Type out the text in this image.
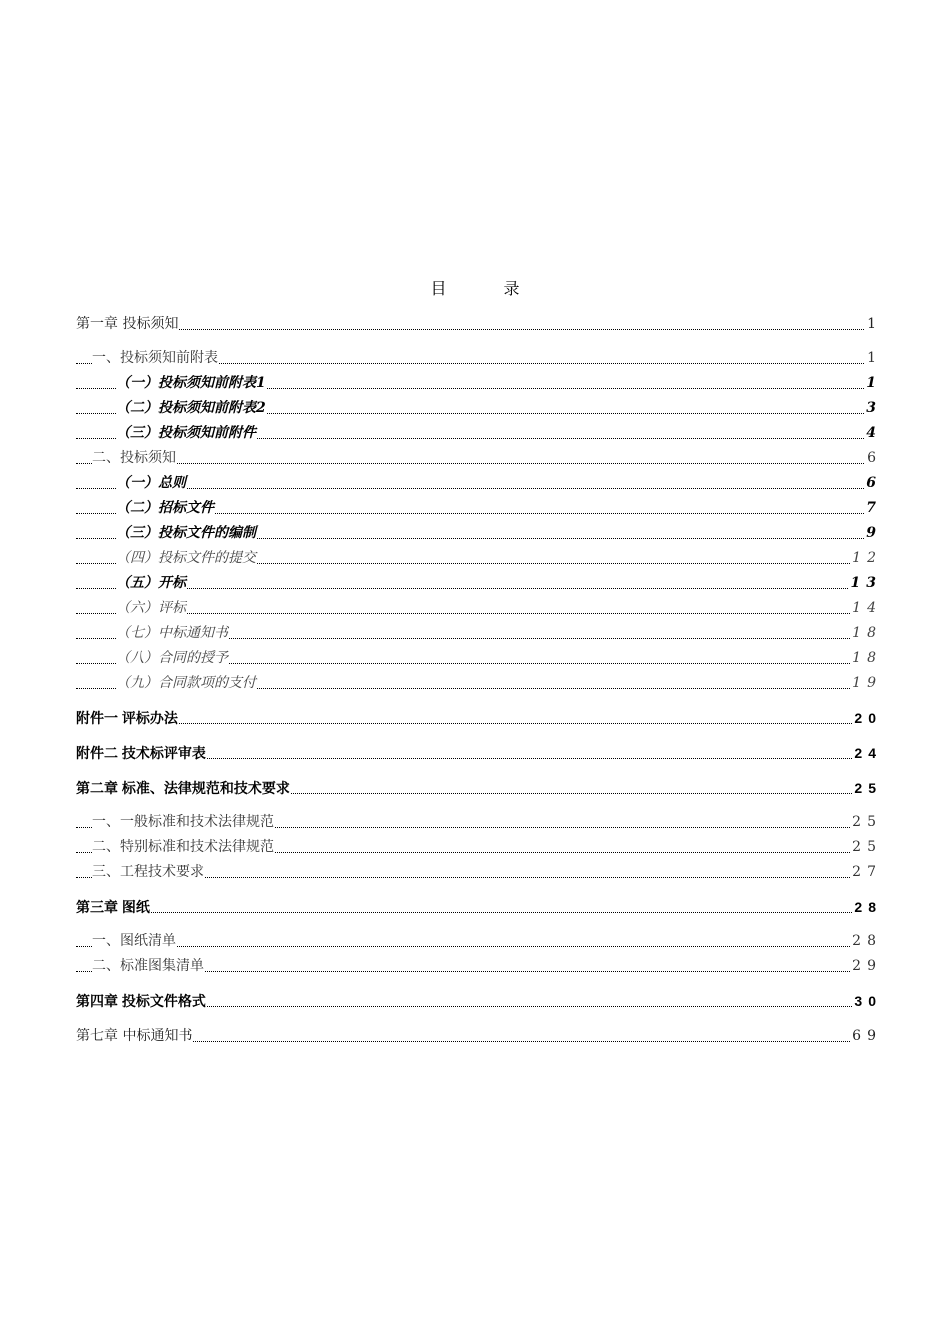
目 录
第一章 投标须知	1
一、投标须知前附表	1
（一）投标须知前附表1	1
（二）投标须知前附表2	3
（三）投标须知前附件	4
二、投标须知	6
（一）总则	6
（二）招标文件	7
（三）投标文件的编制	9
（四）投标文件的提交	12
（五）开标	13
（六）评标	14
（七）中标通知书	18
（八）合同的授予	18
（九）合同款项的支付	19
附件一 评标办法	20
附件二 技术标评审表	24
第二章 标准、法律规范和技术要求	25
一、一般标准和技术法律规范	25
二、特别标准和技术法律规范	25
三、工程技术要求	27
第三章 图纸	28
一、图纸清单	28
二、标准图集清单	29
第四章 投标文件格式	30
第七章 中标通知书	69
